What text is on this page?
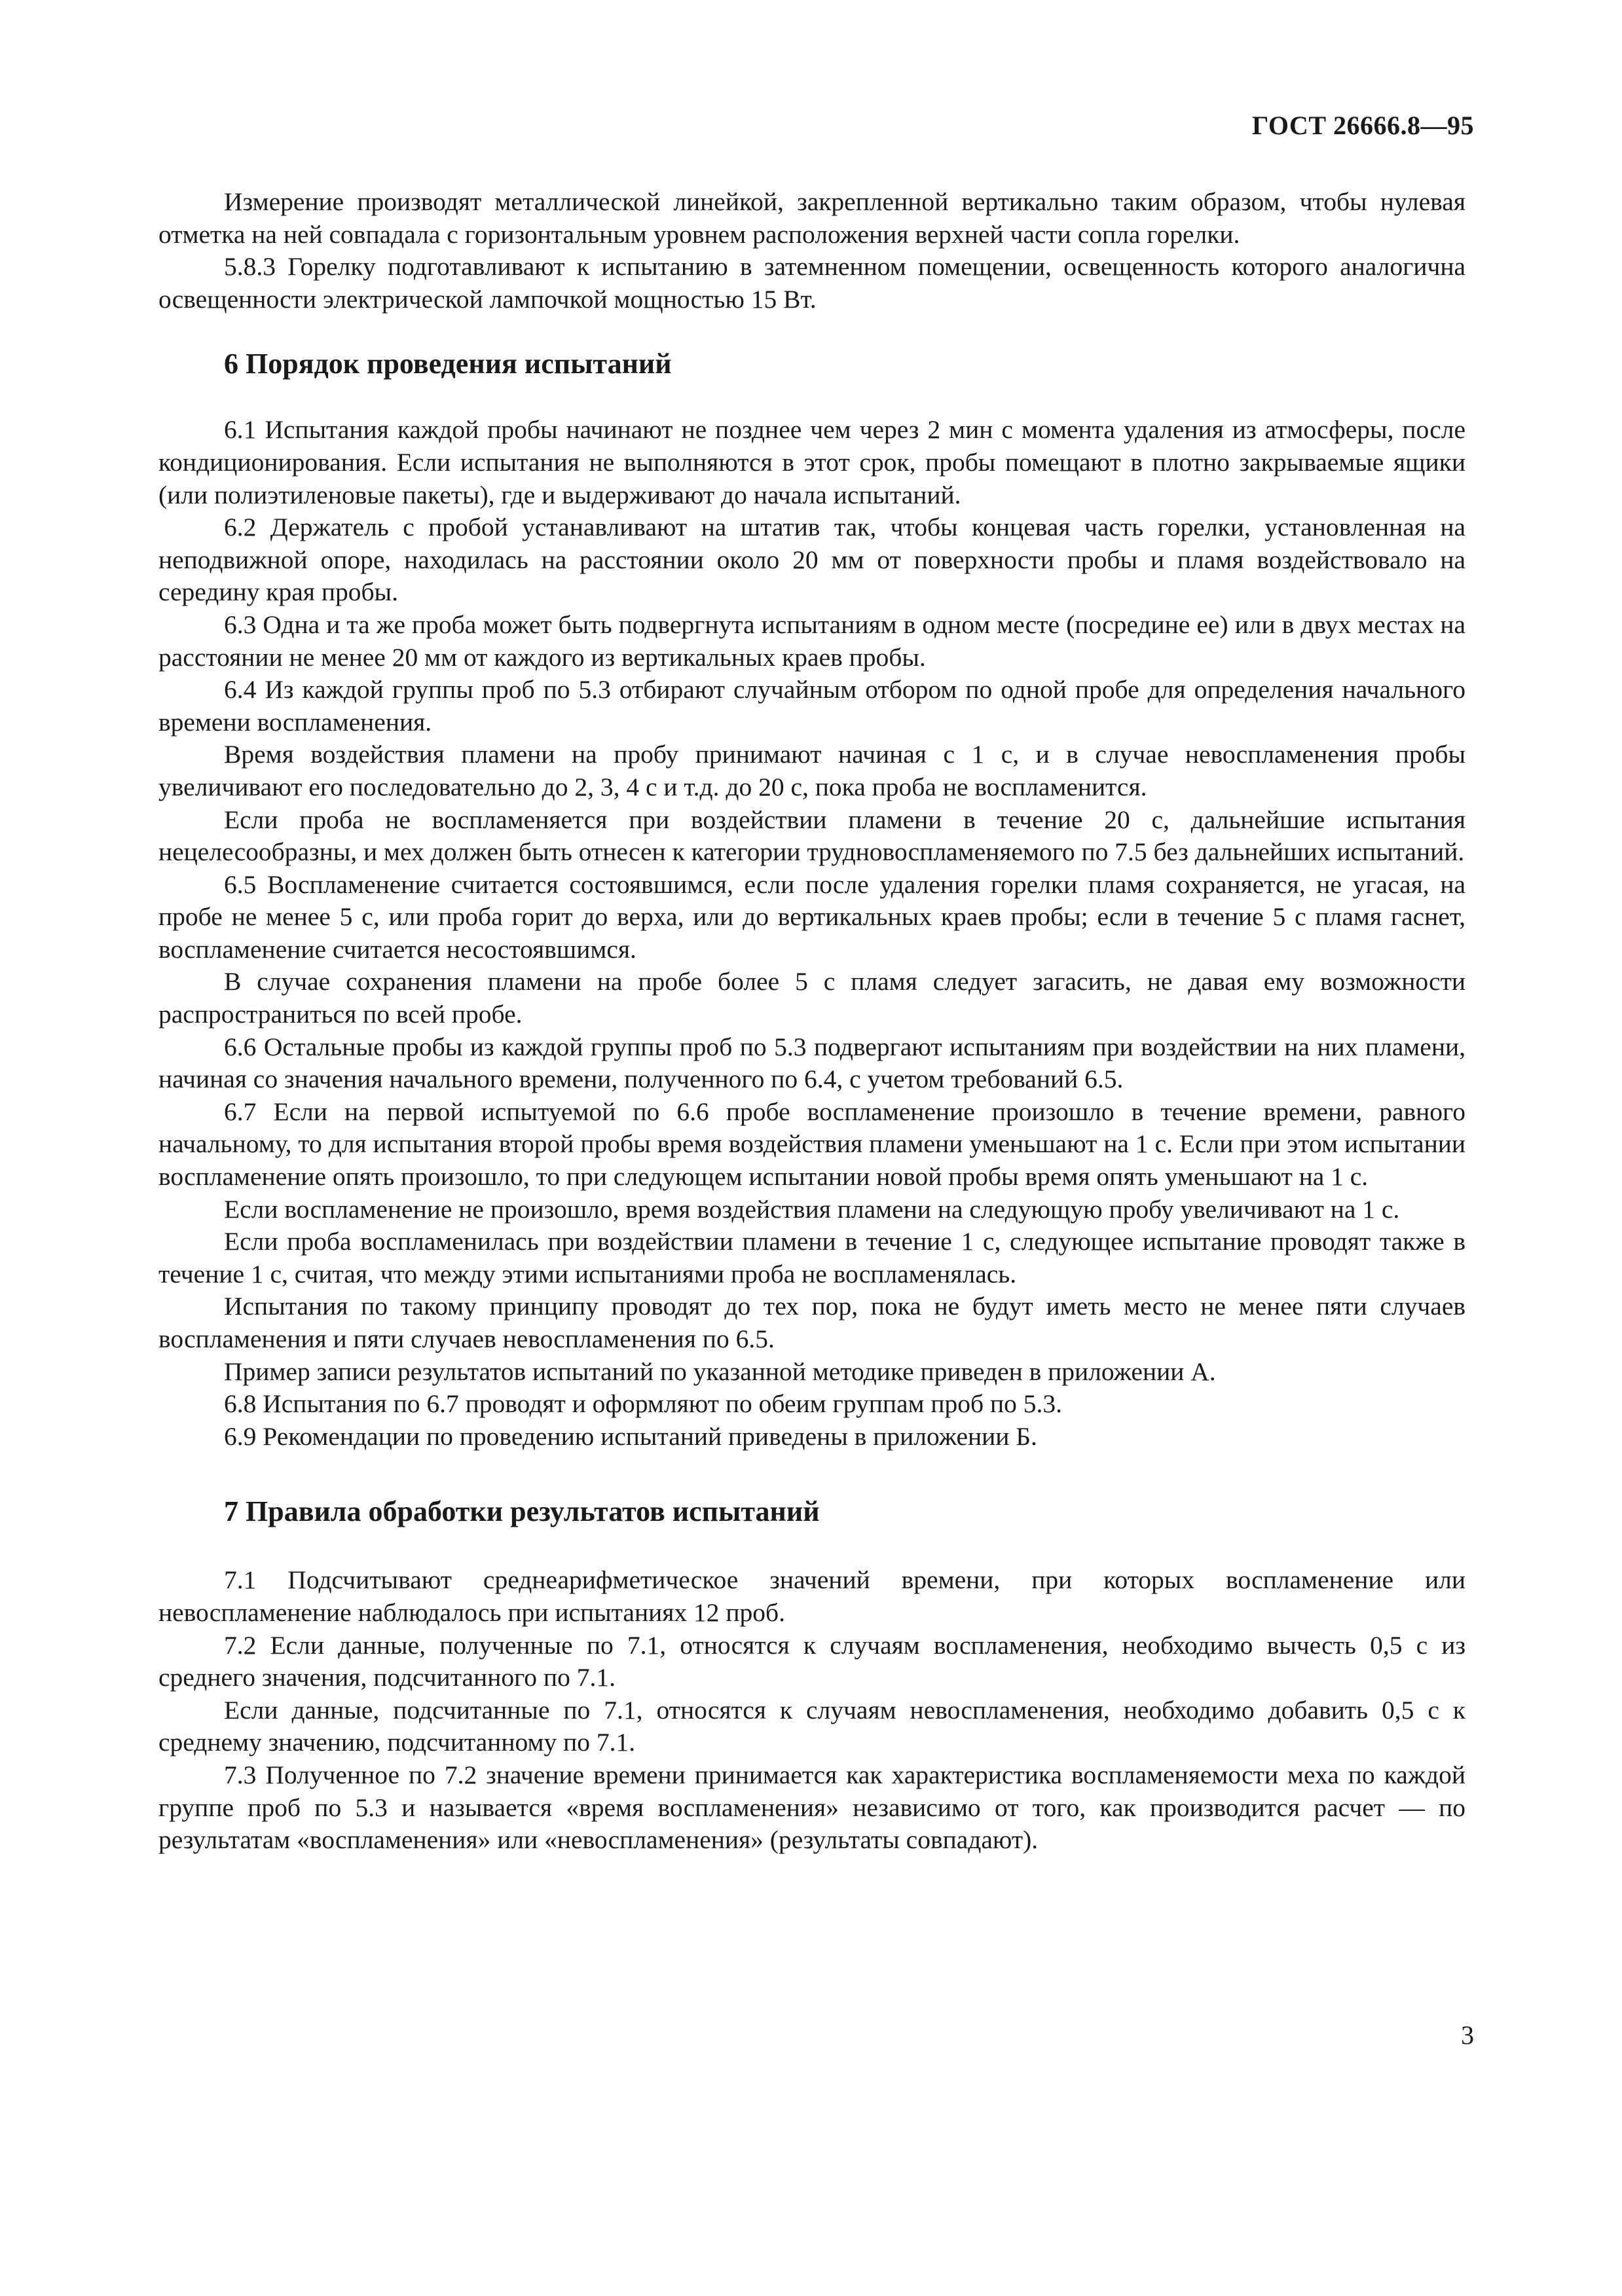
ГОСТ 26666.8—95

Измерение производят металлической линейкой, закрепленной вертикально таким образом, чтобы нулевая отметка на ней совпадала с горизонтальным уровнем расположения верхней части сопла горелки.

5.8.3 Горелку подготавливают к испытанию в затемненном помещении, освещенность которого аналогична освещенности электрической лампочкой мощностью 15 Вт.

6 Порядок проведения испытаний

6.1 Испытания каждой пробы начинают не позднее чем через 2 мин с момента удаления из атмосферы, после кондиционирования. Если испытания не выполняются в этот срок, пробы помещают в плотно закрываемые ящики (или полиэтиленовые пакеты), где и выдерживают до начала испытаний.

6.2 Держатель с пробой устанавливают на штатив так, чтобы концевая часть горелки, установленная на неподвижной опоре, находилась на расстоянии около 20 мм от поверхности пробы и пламя воздействовало на середину края пробы.

6.3 Одна и та же проба может быть подвергнута испытаниям в одном месте (посредине ее) или в двух местах на расстоянии не менее 20 мм от каждого из вертикальных краев пробы.

6.4 Из каждой группы проб по 5.3 отбирают случайным отбором по одной пробе для определения начального времени воспламенения.

Время воздействия пламени на пробу принимают начиная с 1 с, и в случае невоспламенения пробы увеличивают его последовательно до 2, 3, 4 с и т.д. до 20 с, пока проба не воспламенится.

Если проба не воспламеняется при воздействии пламени в течение 20 с, дальнейшие испытания нецелесообразны, и мех должен быть отнесен к категории трудновоспламеняемого по 7.5 без дальнейших испытаний.

6.5 Воспламенение считается состоявшимся, если после удаления горелки пламя сохраняется, не угасая, на пробе не менее 5 с, или проба горит до верха, или до вертикальных краев пробы; если в течение 5 с пламя гаснет, воспламенение считается несостоявшимся.

В случае сохранения пламени на пробе более 5 с пламя следует загасить, не давая ему возможности распространиться по всей пробе.

6.6 Остальные пробы из каждой группы проб по 5.3 подвергают испытаниям при воздействии на них пламени, начиная со значения начального времени, полученного по 6.4, с учетом требований 6.5.

6.7 Если на первой испытуемой по 6.6 пробе воспламенение произошло в течение времени, равного начальному, то для испытания второй пробы время воздействия пламени уменьшают на 1 с. Если при этом испытании воспламенение опять произошло, то при следующем испытании новой пробы время опять уменьшают на 1 с.

Если воспламенение не произошло, время воздействия пламени на следующую пробу увеличивают на 1 с.

Если проба воспламенилась при воздействии пламени в течение 1 с, следующее испытание проводят также в течение 1 с, считая, что между этими испытаниями проба не воспламенялась.

Испытания по такому принципу проводят до тех пор, пока не будут иметь место не менее пяти случаев воспламенения и пяти случаев невоспламенения по 6.5.

Пример записи результатов испытаний по указанной методике приведен в приложении А.

6.8 Испытания по 6.7 проводят и оформляют по обеим группам проб по 5.3.

6.9 Рекомендации по проведению испытаний приведены в приложении Б.

7 Правила обработки результатов испытаний

7.1 Подсчитывают среднеарифметическое значений времени, при которых воспламенение или невоспламенение наблюдалось при испытаниях 12 проб.

7.2 Если данные, полученные по 7.1, относятся к случаям воспламенения, необходимо вычесть 0,5 с из среднего значения, подсчитанного по 7.1.

Если данные, подсчитанные по 7.1, относятся к случаям невоспламенения, необходимо добавить 0,5 с к среднему значению, подсчитанному по 7.1.

7.3 Полученное по 7.2 значение времени принимается как характеристика воспламеняемости меха по каждой группе проб по 5.3 и называется «время воспламенения» независимо от того, как производится расчет — по результатам «воспламенения» или «невоспламенения» (результаты совпадают).

3
